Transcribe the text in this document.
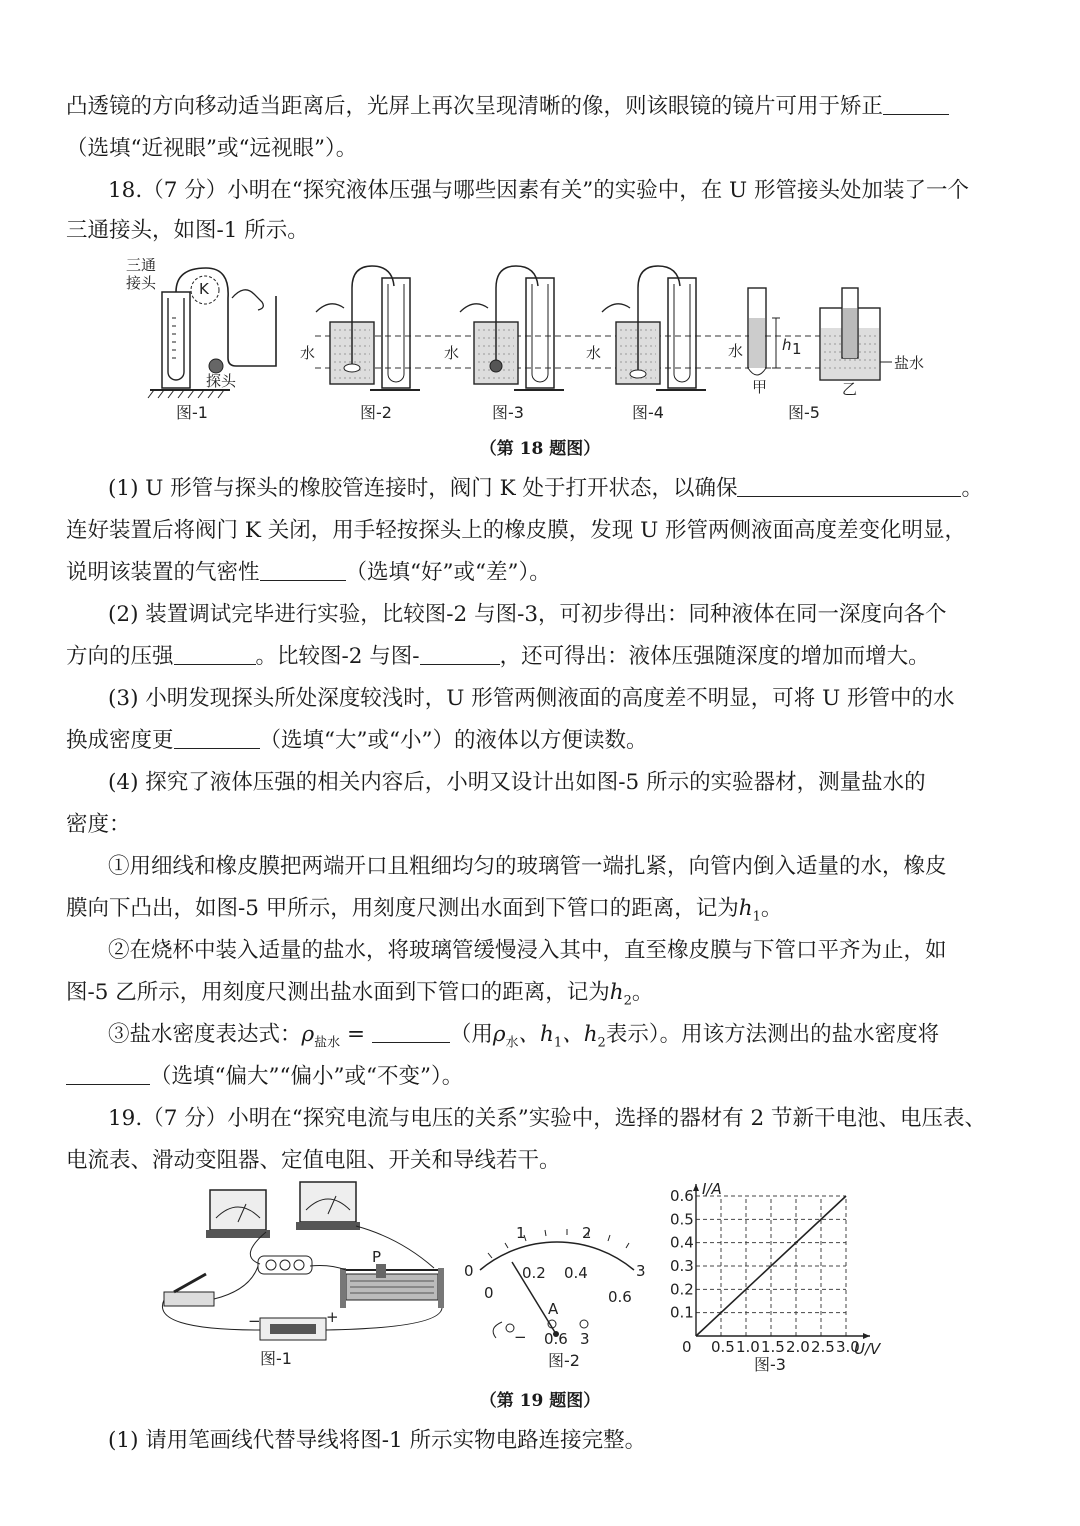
凸透镜的方向移动适当距离后，光屏上再次呈现清晰的像，则该眼镜的镜片可用于矫正
（选填“近视眼”或“远视眼”）。
18.（7 分）小明在“探究液体压强与哪些因素有关”的实验中，在 U 形管接头处加装了一个
三通接头，如图-1 所示。
三通
接头	K
探头
图-1
水
图-2
水
图-3
水
图-4
h 1
水
甲
盐水
乙
图-5
（第 18 题图）
(1) U 形管与探头的橡胶管连接时，阀门 K 处于打开状态，以确保	。
连好装置后将阀门 K 关闭，用手轻按探头上的橡皮膜，发现 U 形管两侧液面高度差变化明显，
说明该装置的气密性	（选填“好”或“差”）。
(2) 装置调试完毕进行实验，比较图-2 与图-3，可初步得出：同种液体在同一深度向各个
方向的压强	。比较图-2 与图-	，还可得出：液体压强随深度的增加而增大。
(3) 小明发现探头所处深度较浅时，U 形管两侧液面的高度差不明显，可将 U 形管中的水
换成密度更	（选填“大”或“小”）的液体以方便读数。
(4) 探究了液体压强的相关内容后，小明又设计出如图-5 所示的实验器材，测量盐水的
密度：
①用细线和橡皮膜把两端开口且粗细均匀的玻璃管一端扎紧，向管内倒入适量的水，橡皮
膜向下凸出，如图-5 甲所示，用刻度尺测出水面到下管口的距离，记为$h_1$。
②在烧杯中装入适量的盐水，将玻璃管缓慢浸入其中，直至橡皮膜与下管口平齐为止，如
图-5 乙所示，用刻度尺测出盐水面到下管口的距离，记为$h_2$。
③盐水密度表达式：$\rho_{盐水}$ =	（用$\rho_水$、$h_1$、$h_2$表示）。用该方法测出的盐水密度将
（选填“偏大”“偏小”或“不变”）。
19.（7 分）小明在“探究电流与电压的关系”实验中，选择的器材有 2 节新干电池、电压表、
电流表、滑动变阻器、定值电阻、开关和导线若干。
P
−	+
图-1
0
1	2
3
0
0.2 0.4
0.6
A
− 0.6 3
图-2
0 0.5 1.0 1.5 2.0 2.5 3.0
0.1
0.2
0.3
0.4
0.5
0.6 I/A
U/V
图-3
（第 19 题图）
(1) 请用笔画线代替导线将图-1 所示实物电路连接完整。
